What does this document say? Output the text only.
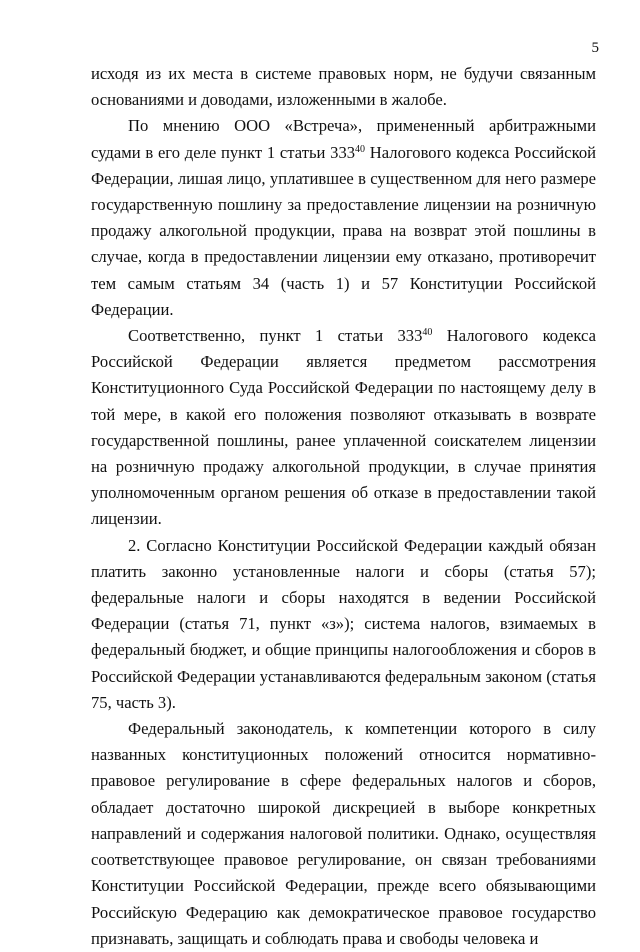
5

исходя из их места в системе правовых норм, не будучи связанным основаниями и доводами, изложенными в жалобе.

По мнению ООО «Встреча», примененный арбитражными судами в его деле пункт 1 статьи $333^{40}$ Налогового кодекса Российской Федерации, лишая лицо, уплатившее в существенном для него размере государственную пошлину за предоставление лицензии на розничную продажу алкогольной продукции, права на возврат этой пошлины в случае, когда в предоставлении лицензии ему отказано, противоречит тем самым статьям 34 (часть 1) и 57 Конституции Российской Федерации.

Соответственно, пункт 1 статьи $333^{40}$ Налогового кодекса Российской Федерации является предметом рассмотрения Конституционного Суда Российской Федерации по настоящему делу в той мере, в какой его положения позволяют отказывать в возврате государственной пошлины, ранее уплаченной соискателем лицензии на розничную продажу алкогольной продукции, в случае принятия уполномоченным органом решения об отказе в предоставлении такой лицензии.

2. Согласно Конституции Российской Федерации каждый обязан платить законно установленные налоги и сборы (статья 57); федеральные налоги и сборы находятся в ведении Российской Федерации (статья 71, пункт «з»); система налогов, взимаемых в федеральный бюджет, и общие принципы налогообложения и сборов в Российской Федерации устанавливаются федеральным законом (статья 75, часть 3).

Федеральный законодатель, к компетенции которого в силу названных конституционных положений относится нормативно-правовое регулирование в сфере федеральных налогов и сборов, обладает достаточно широкой дискрецией в выборе конкретных направлений и содержания налоговой политики. Однако, осуществляя соответствующее правовое регулирование, он связан требованиями Конституции Российской Федерации, прежде всего обязывающими Российскую Федерацию как демократическое правовое государство признавать, защищать и соблюдать права и свободы человека и
